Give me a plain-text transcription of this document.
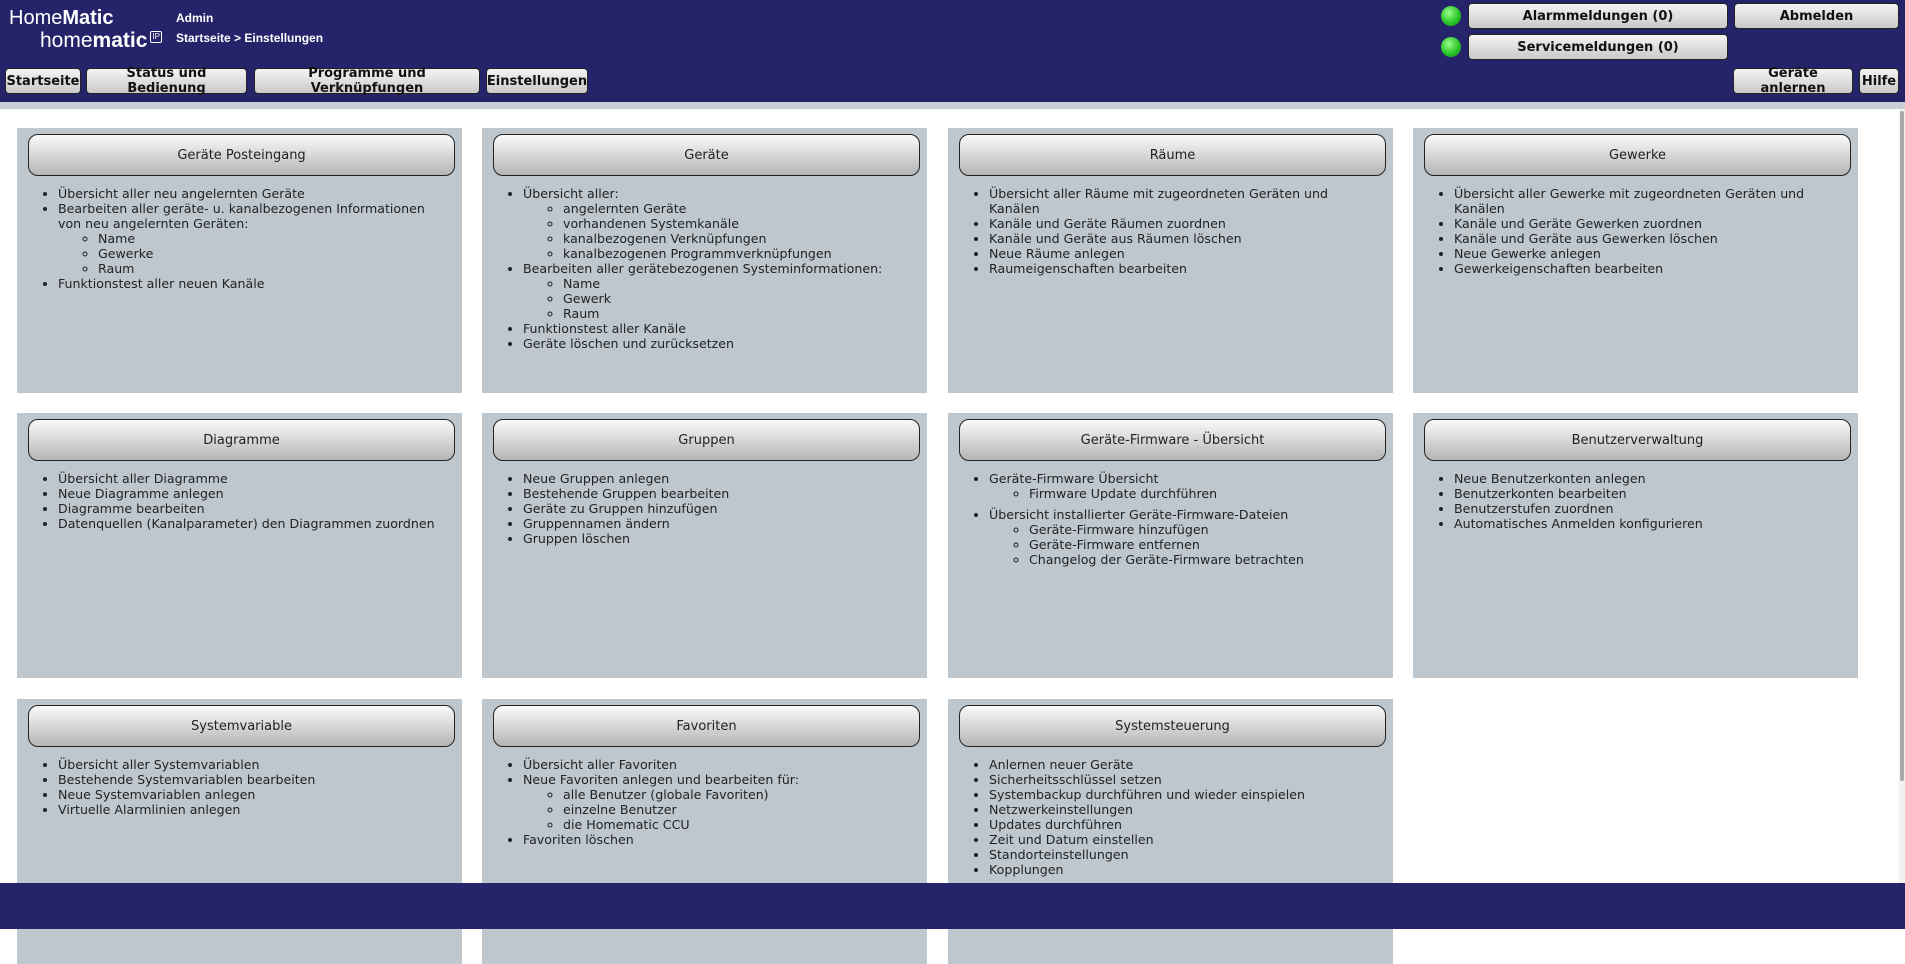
HomeMatic
homematic IP
Admin
Startseite > Einstellungen
Alarmmeldungen (0)	Abmelden
Servicemeldungen (0)
Startseite	Status und Bedienung
Programme und Verknüpfungen	Einstellungen	Geräte anlernen	Hilfe
Geräte Posteingang
• Übersicht aller neu angelernten Geräte
• Bearbeiten aller geräte- u. kanalbezogenen Informationen von neu angelernten Geräten:
◦ Name
◦ Gewerke
◦ Raum
• Funktionstest aller neuen Kanäle
Geräte
• Übersicht aller:
◦ angelernten Geräte
◦ vorhandenen Systemkanäle
◦ kanalbezogenen Verknüpfungen
◦ kanalbezogenen Programmverknüpfungen
• Bearbeiten aller gerätebezogenen Systeminformationen:
◦ Name
◦ Gewerk
◦ Raum
• Funktionstest aller Kanäle
• Geräte löschen und zurücksetzen
Räume
• Übersicht aller Räume mit zugeordneten Geräten und Kanälen
• Kanäle und Geräte Räumen zuordnen
• Kanäle und Geräte aus Räumen löschen
• Neue Räume anlegen
• Raumeigenschaften bearbeiten
Gewerke
• Übersicht aller Gewerke mit zugeordneten Geräten und Kanälen
• Kanäle und Geräte Gewerken zuordnen
• Kanäle und Geräte aus Gewerken löschen
• Neue Gewerke anlegen
• Gewerkeigenschaften bearbeiten
Diagramme
• Übersicht aller Diagramme
• Neue Diagramme anlegen
• Diagramme bearbeiten
• Datenquellen (Kanalparameter) den Diagrammen zuordnen
Gruppen
• Neue Gruppen anlegen
• Bestehende Gruppen bearbeiten
• Geräte zu Gruppen hinzufügen
• Gruppennamen ändern
• Gruppen löschen
Geräte-Firmware - Übersicht
• Geräte-Firmware Übersicht
◦ Firmware Update durchführen
• Übersicht installierter Geräte-Firmware-Dateien
◦ Geräte-Firmware hinzufügen
◦ Geräte-Firmware entfernen
◦ Changelog der Geräte-Firmware betrachten
Benutzerverwaltung
• Neue Benutzerkonten anlegen
• Benutzerkonten bearbeiten
• Benutzerstufen zuordnen
• Automatisches Anmelden konfigurieren
Systemvariable
• Übersicht aller Systemvariablen
• Bestehende Systemvariablen bearbeiten
• Neue Systemvariablen anlegen
• Virtuelle Alarmlinien anlegen
Favoriten
• Übersicht aller Favoriten
• Neue Favoriten anlegen und bearbeiten für:
◦ alle Benutzer (globale Favoriten)
◦ einzelne Benutzer
◦ die Homematic CCU
• Favoriten löschen
Systemsteuerung
• Anlernen neuer Geräte
• Sicherheitsschlüssel setzen
• Systembackup durchführen und wieder einspielen
• Netzwerkeinstellungen
• Updates durchführen
• Zeit und Datum einstellen
• Standorteinstellungen
• Kopplungen
